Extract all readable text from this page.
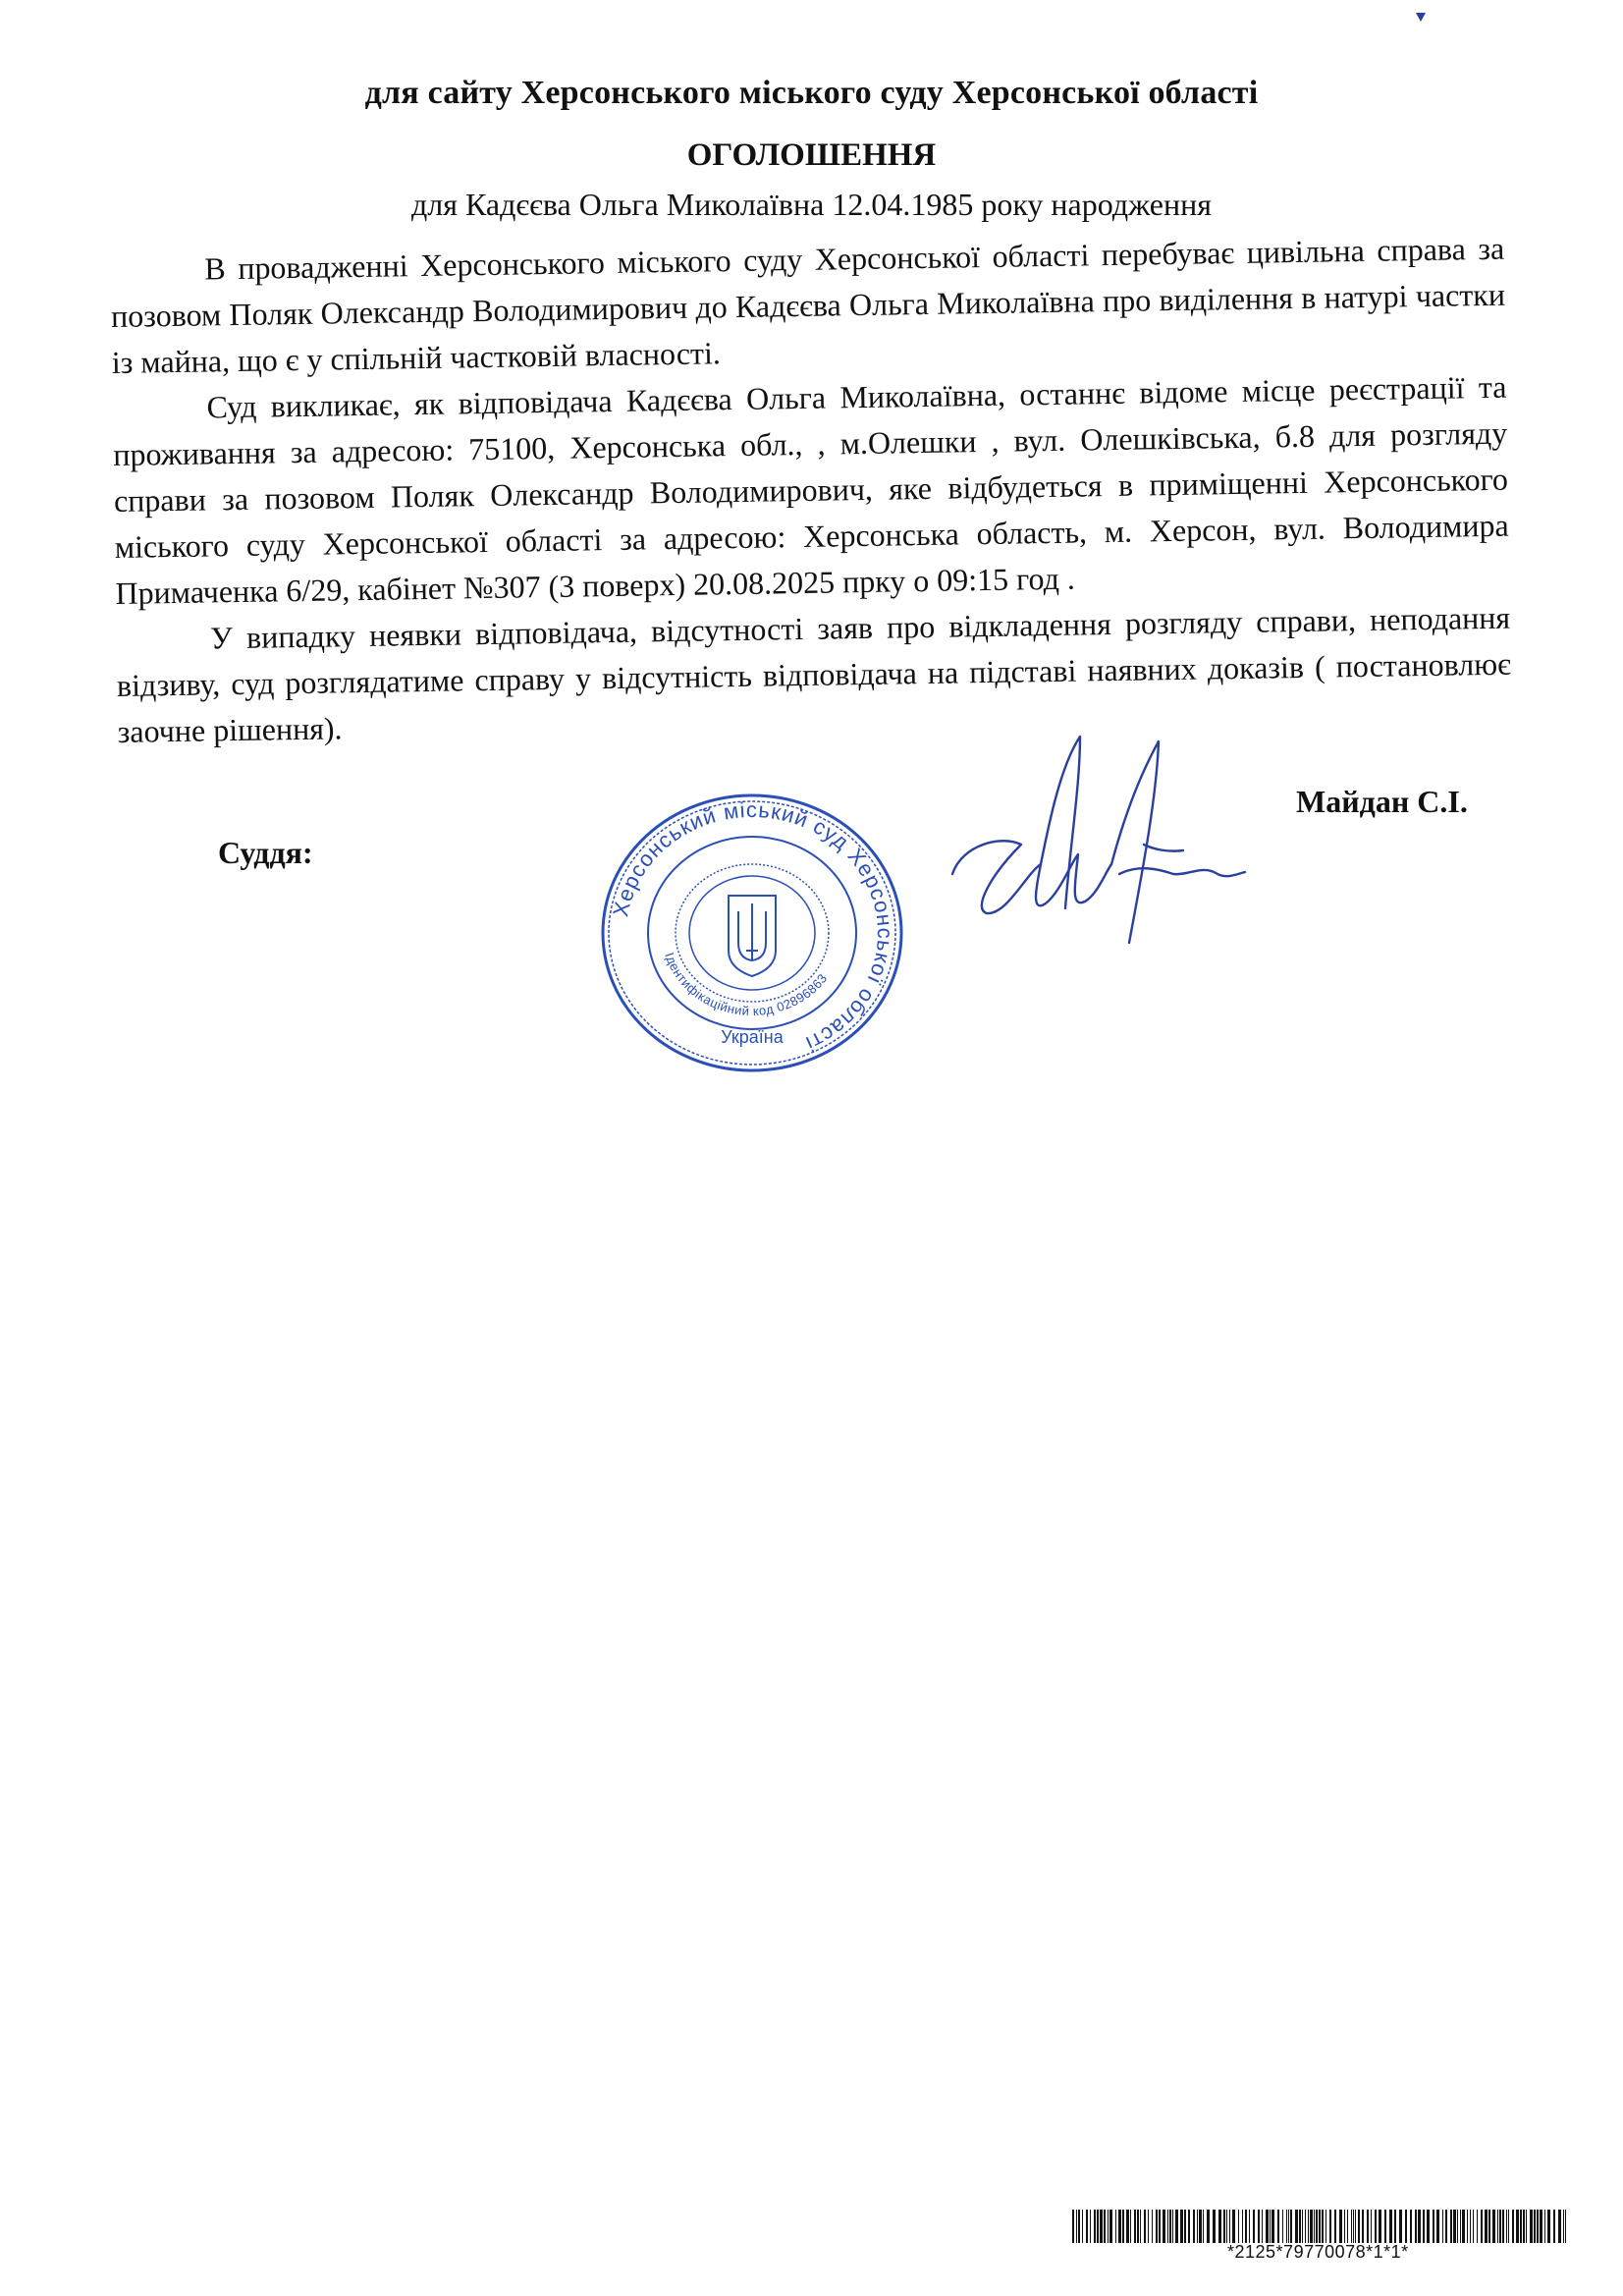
для сайту Херсонського міського суду Херсонської області
ОГОЛОШЕННЯ
для Кадєєва Ольга Миколаївна 12.04.1985 року народження

В провадженні Херсонського міського суду Херсонської області перебуває цивільна справа за позовом Поляк Олександр Володимирович до Кадєєва Ольга Миколаївна про виділення в натурі частки із майна, що є у спільній частковій власності.

Суд викликає, як відповідача Кадєєва Ольга Миколаївна, останнє відоме місце реєстрації та проживання за адресою: 75100, Херсонська обл., , м.Олешки , вул. Олешківська, б.8 для розгляду справи за позовом Поляк Олександр Володимирович, яке відбудеться в приміщенні Херсонського міського суду Херсонської області за адресою: Херсонська область, м. Херсон, вул. Володимира Примаченка 6/29, кабінет №307 (3 поверх) 20.08.2025 прку о 09:15 год .

У випадку неявки відповідача, відсутності заяв про відкладення розгляду справи, неподання відзиву, суд розглядатиме справу у відсутність відповідача на підставі наявних доказів ( постановлює заочне рішення).

Майдан С.І.
Суддя:
Херсонський міський суд Херсонської області
Ідентифікаційний код 02896863
Україна
*2125*79770078*1*1*
